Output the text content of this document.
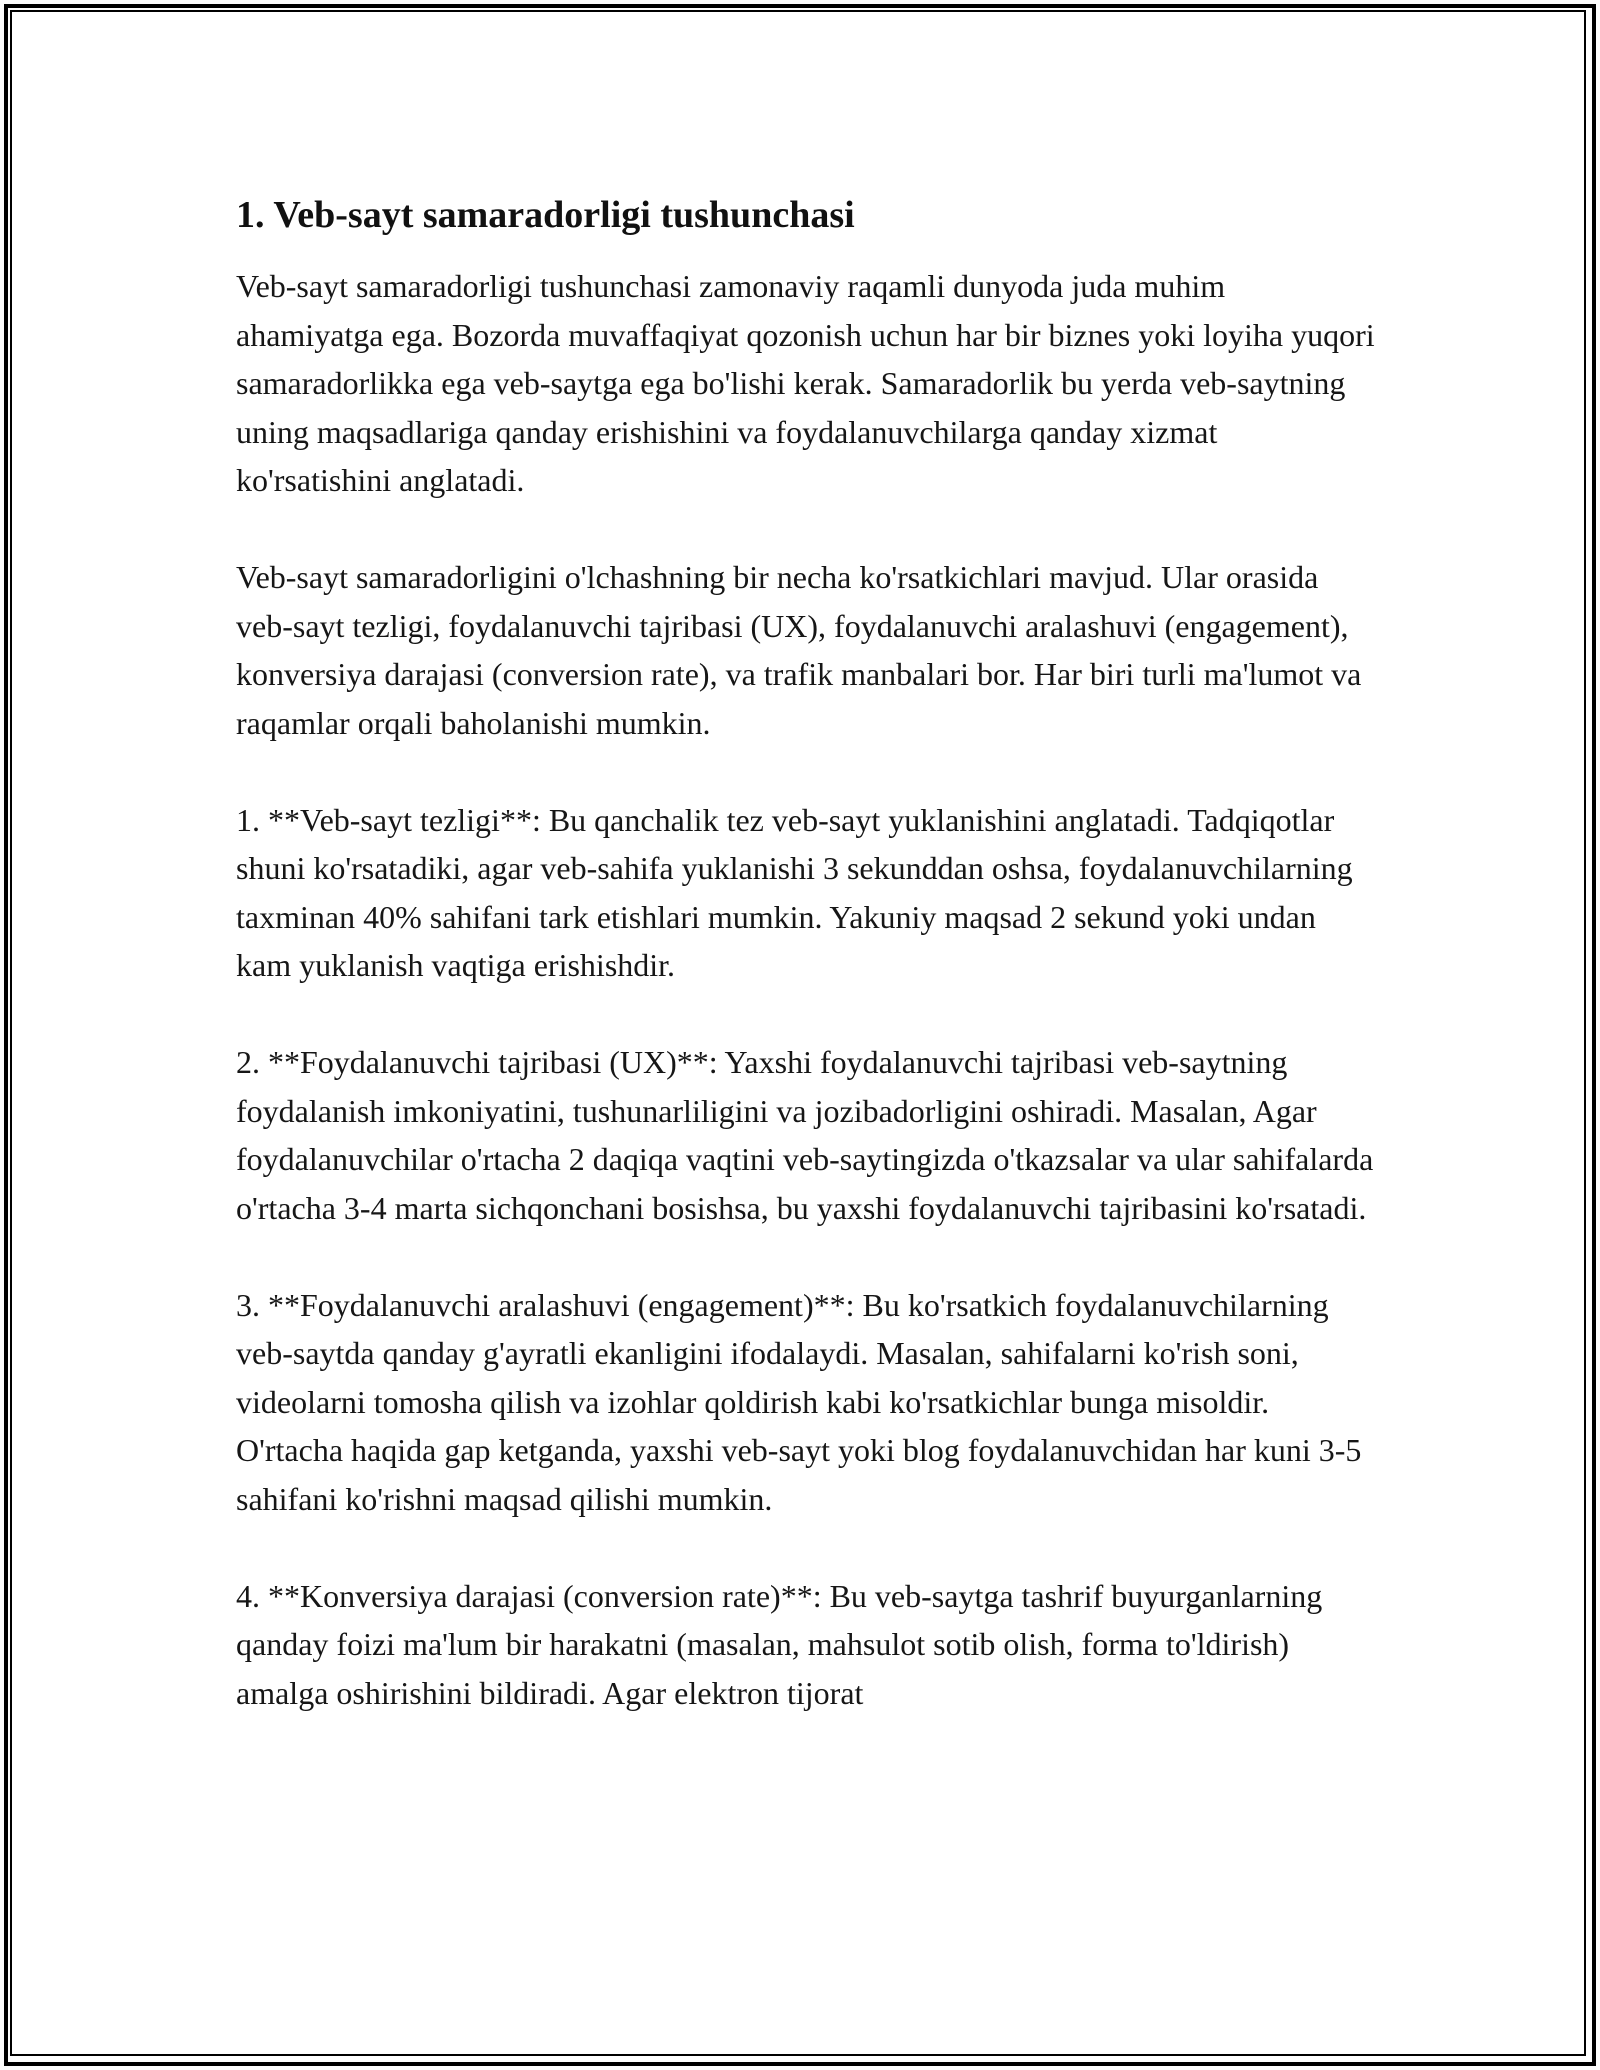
1. Veb-sayt samaradorligi tushunchasi

Veb-sayt samaradorligi tushunchasi zamonaviy raqamli dunyoda juda muhim ahamiyatga ega. Bozorda muvaffaqiyat qozonish uchun har bir biznes yoki loyiha yuqori samaradorlikka ega veb-saytga ega bo'lishi kerak. Samaradorlik bu yerda veb-saytning uning maqsadlariga qanday erishishini va foydalanuvchilarga qanday xizmat ko'rsatishini anglatadi.

Veb-sayt samaradorligini o'lchashning bir necha ko'rsatkichlari mavjud. Ular orasida veb-sayt tezligi, foydalanuvchi tajribasi (UX), foydalanuvchi aralashuvi (engagement), konversiya darajasi (conversion rate), va trafik manbalari bor. Har biri turli ma'lumot va raqamlar orqali baholanishi mumkin.

1. **Veb-sayt tezligi**: Bu qanchalik tez veb-sayt yuklanishini anglatadi. Tadqiqotlar shuni ko'rsatadiki, agar veb-sahifa yuklanishi 3 sekunddan oshsa, foydalanuvchilarning taxminan 40% sahifani tark etishlari mumkin. Yakuniy maqsad 2 sekund yoki undan kam yuklanish vaqtiga erishishdir.

2. **Foydalanuvchi tajribasi (UX)**: Yaxshi foydalanuvchi tajribasi veb-saytning foydalanish imkoniyatini, tushunarliligini va jozibadorligini oshiradi. Masalan, Agar foydalanuvchilar o'rtacha 2 daqiqa vaqtini veb-saytingizda o'tkazsalar va ular sahifalarda o'rtacha 3-4 marta sichqonchani bosishsa, bu yaxshi foydalanuvchi tajribasini ko'rsatadi.

3. **Foydalanuvchi aralashuvi (engagement)**: Bu ko'rsatkich foydalanuvchilarning veb-saytda qanday g'ayratli ekanligini ifodalaydi. Masalan, sahifalarni ko'rish soni, videolarni tomosha qilish va izohlar qoldirish kabi ko'rsatkichlar bunga misoldir. O'rtacha haqida gap ketganda, yaxshi veb-sayt yoki blog foydalanuvchidan har kuni 3-5 sahifani ko'rishni maqsad qilishi mumkin.

4. **Konversiya darajasi (conversion rate)**: Bu veb-saytga tashrif buyurganlarning qanday foizi ma'lum bir harakatni (masalan, mahsulot sotib olish, forma to'ldirish) amalga oshirishini bildiradi. Agar elektron tijorat
